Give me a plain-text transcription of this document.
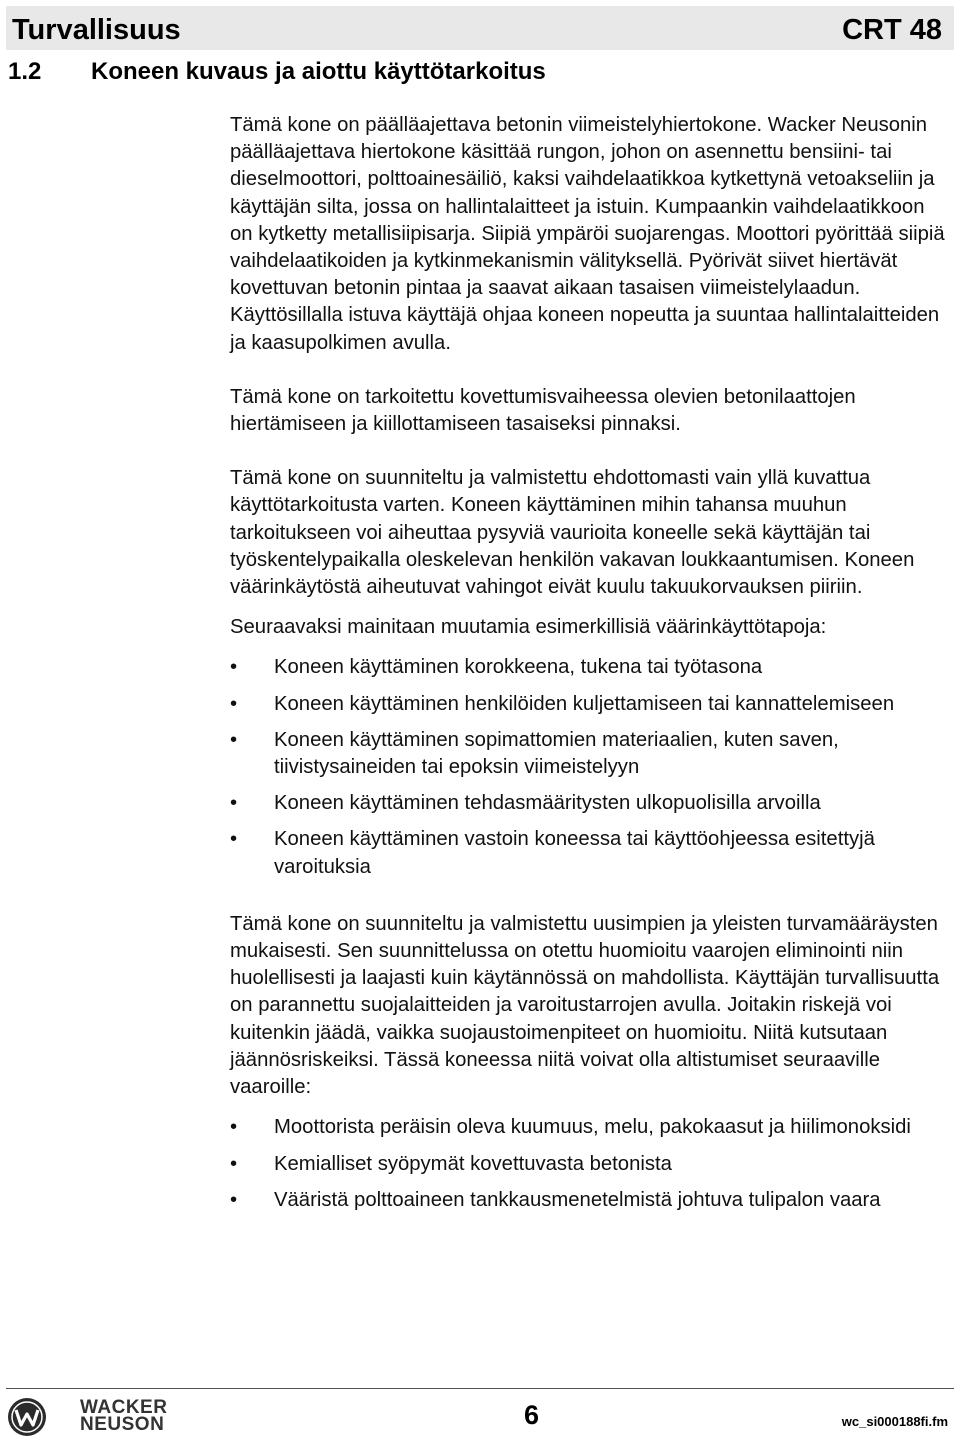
Turvallisuus	CRT 48
1.2 Koneen kuvaus ja aiottu käyttötarkoitus

Tämä kone on päälläajettava betonin viimeistelyhiertokone. Wacker Neusonin päälläajettava hiertokone käsittää rungon, johon on asennettu bensiini- tai dieselmoottori, polttoainesäiliö, kaksi vaihdelaatikkoa kytkettynä vetoakseliin ja käyttäjän silta, jossa on hallintalaitteet ja istuin. Kumpaankin vaihdelaatikkoon on kytketty metallisiipisarja. Siipiä ympäröi suojarengas. Moottori pyörittää siipiä vaihdelaatikoiden ja kytkinmekanismin välityksellä. Pyörivät siivet hiertävät kovettuvan betonin pintaa ja saavat aikaan tasaisen viimeistelylaadun. Käyttösillalla istuva käyttäjä ohjaa koneen nopeutta ja suuntaa hallintalaitteiden ja kaasupolkimen avulla.

Tämä kone on tarkoitettu kovettumisvaiheessa olevien betonilaattojen hiertämiseen ja kiillottamiseen tasaiseksi pinnaksi.

Tämä kone on suunniteltu ja valmistettu ehdottomasti vain yllä kuvattua käyttötarkoitusta varten. Koneen käyttäminen mihin tahansa muuhun tarkoitukseen voi aiheuttaa pysyviä vaurioita koneelle sekä käyttäjän tai työskentelypaikalla oleskelevan henkilön vakavan loukkaantumisen. Koneen väärinkäytöstä aiheutuvat vahingot eivät kuulu takuukorvauksen piiriin.

Seuraavaksi mainitaan muutamia esimerkillisiä väärinkäyttötapoja:

•	Koneen käyttäminen korokkeena, tukena tai työtasona
•	Koneen käyttäminen henkilöiden kuljettamiseen tai kannattelemiseen
•	Koneen käyttäminen sopimattomien materiaalien, kuten saven, tiivistysaineiden tai epoksin viimeistelyyn
•	Koneen käyttäminen tehdasmääritysten ulkopuolisilla arvoilla
•	Koneen käyttäminen vastoin koneessa tai käyttöohjeessa esitettyjä varoituksia

Tämä kone on suunniteltu ja valmistettu uusimpien ja yleisten turvamääräysten mukaisesti. Sen suunnittelussa on otettu huomioitu vaarojen eliminointi niin huolellisesti ja laajasti kuin käytännössä on mahdollista. Käyttäjän turvallisuutta on parannettu suojalaitteiden ja varoitustarrojen avulla. Joitakin riskejä voi kuitenkin jäädä, vaikka suojaustoimenpiteet on huomioitu. Niitä kutsutaan jäännösriskeiksi. Tässä koneessa niitä voivat olla altistumiset seuraaville vaaroille:

•	Moottorista peräisin oleva kuumuus, melu, pakokaasut ja hiilimonoksidi
•	Kemialliset syöpymät kovettuvasta betonista
•	Vääristä polttoaineen tankkausmenetelmistä johtuva tulipalon vaara
WACKER
NEUSON	6	wc_si000188fi.fm
